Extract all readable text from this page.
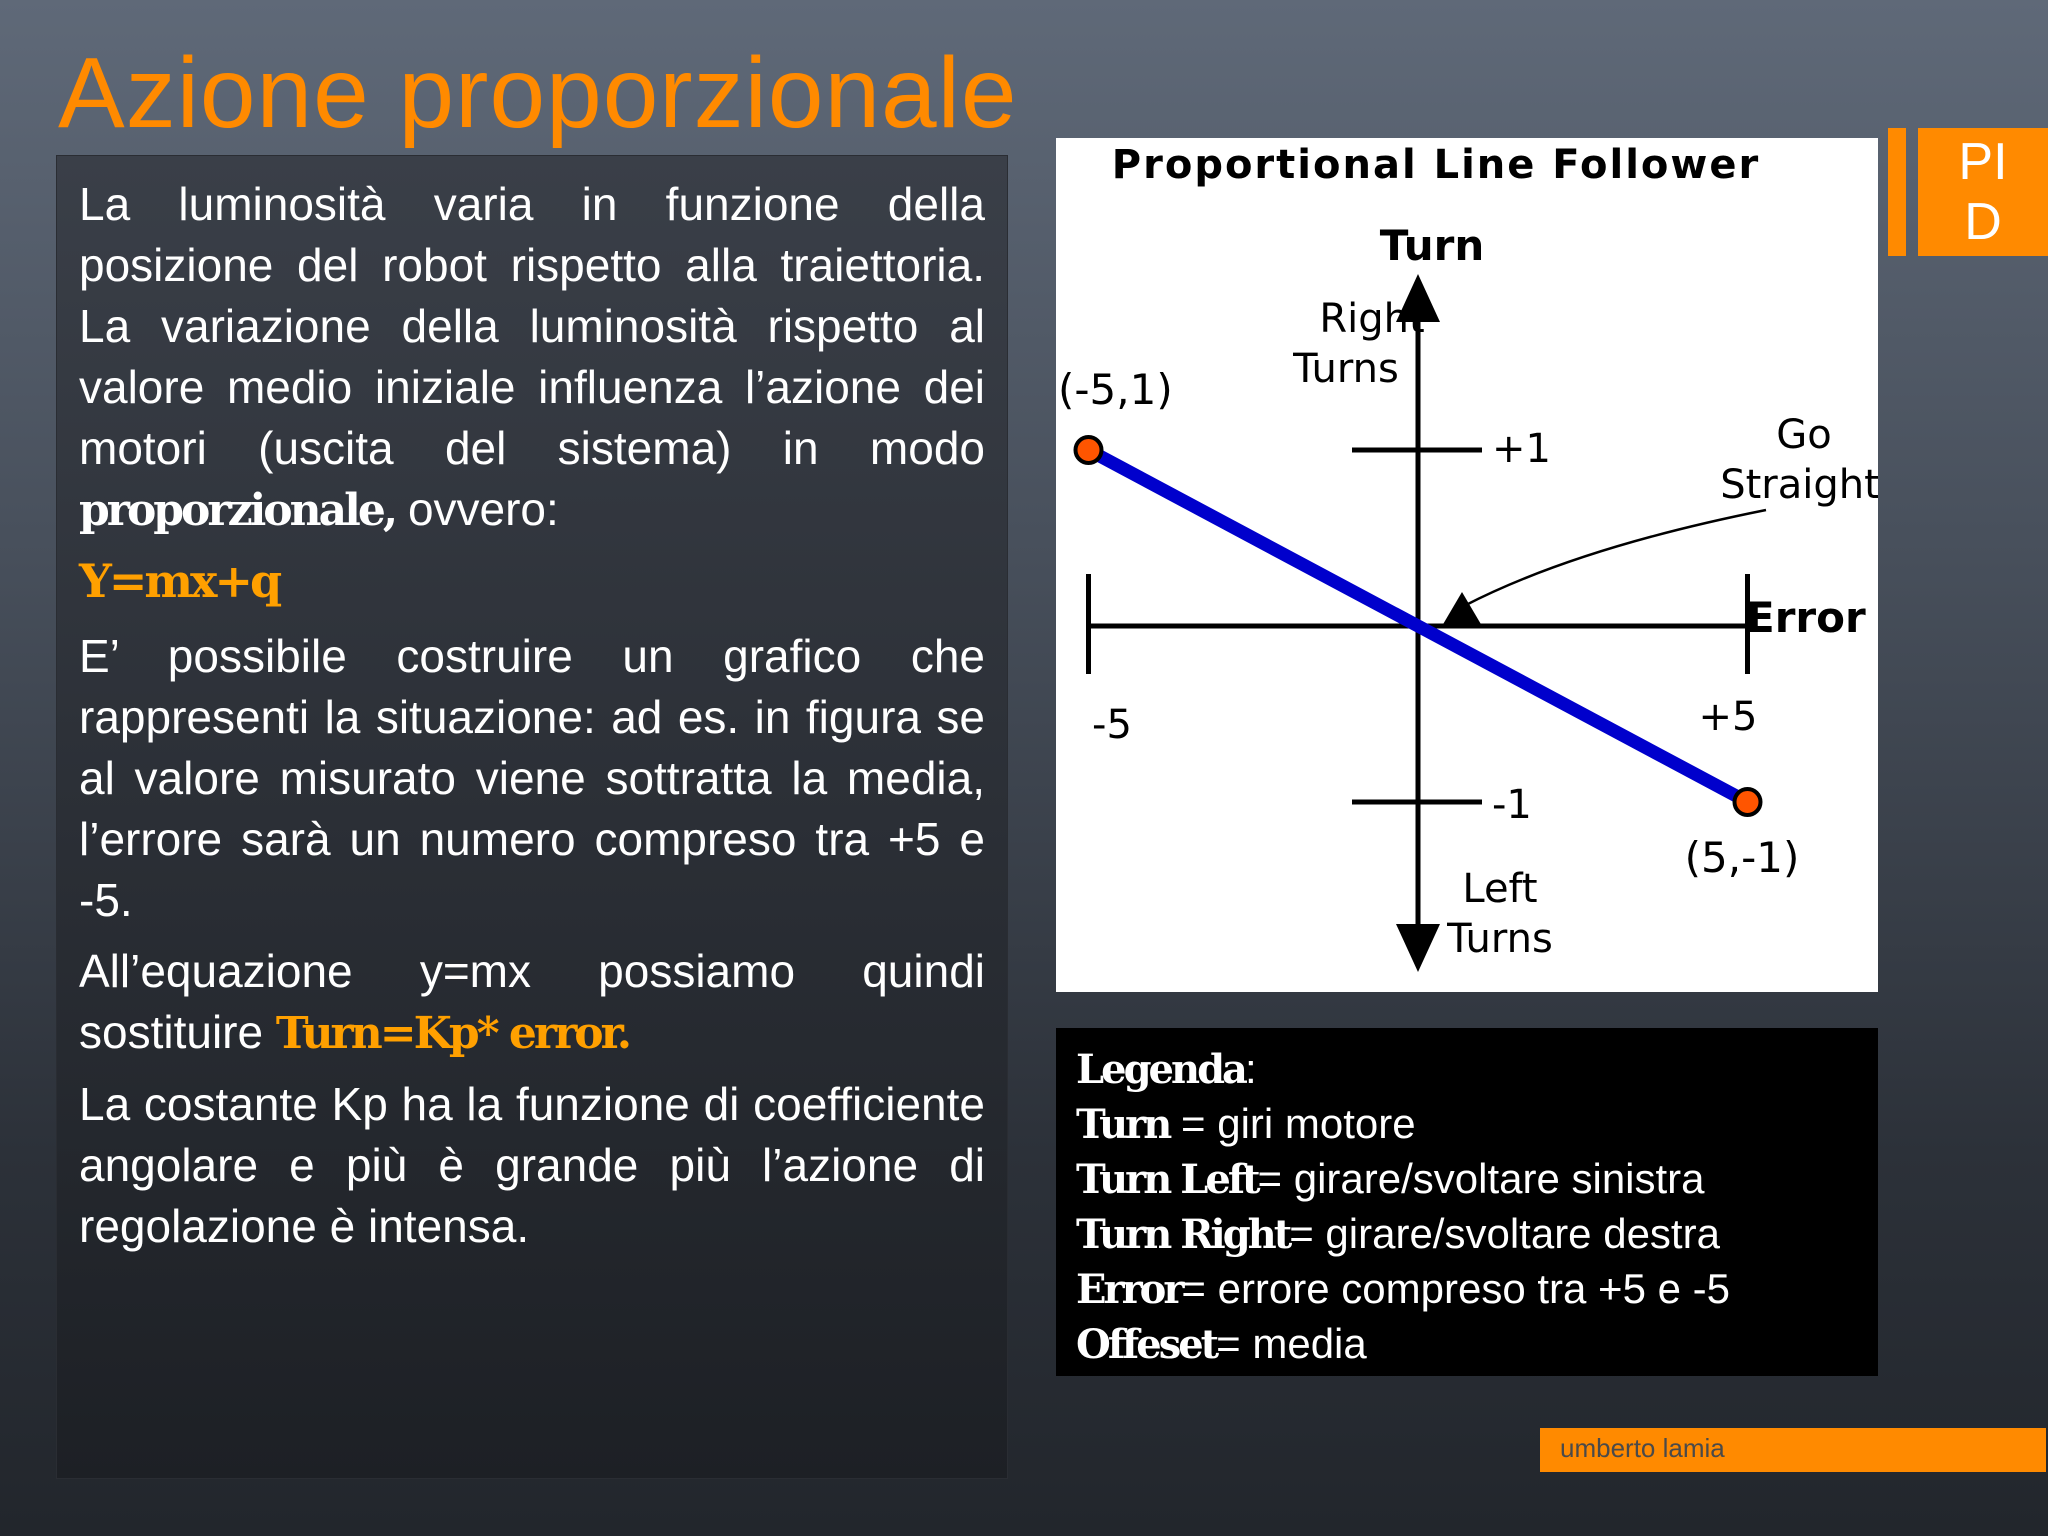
Azione proporzionale

La luminosità varia in funzione della posizione del robot rispetto alla traiettoria. La variazione della luminosità rispetto al valore medio iniziale influenza l’azione dei motori (uscita del sistema) in modo proporzionale, ovvero:

Y=mx+q

E’ possibile costruire un grafico che rappresenti la situazione: ad es. in figura se al valore misurato viene sottratta la media, l’errore sarà un numero compreso tra +5 e -5.

All’equazione y=mx possiamo quindi sostituire Turn=Kp* error.

La costante Kp ha la funzione di coefficiente angolare e più è grande più l’azione di regolazione è intensa.

Proportional Line Follower
Turn
Right
Turns
(-5,1)
Go
Straight
Error
-5	+5
+1
-1
(5,-1)
Left
Turns
Legenda:
Turn = giri motore
Turn Left= girare/svoltare sinistra
Turn Right= girare/svoltare destra
Error= errore compreso tra +5 e -5
Offeset= media
PI
D
umberto lamia
